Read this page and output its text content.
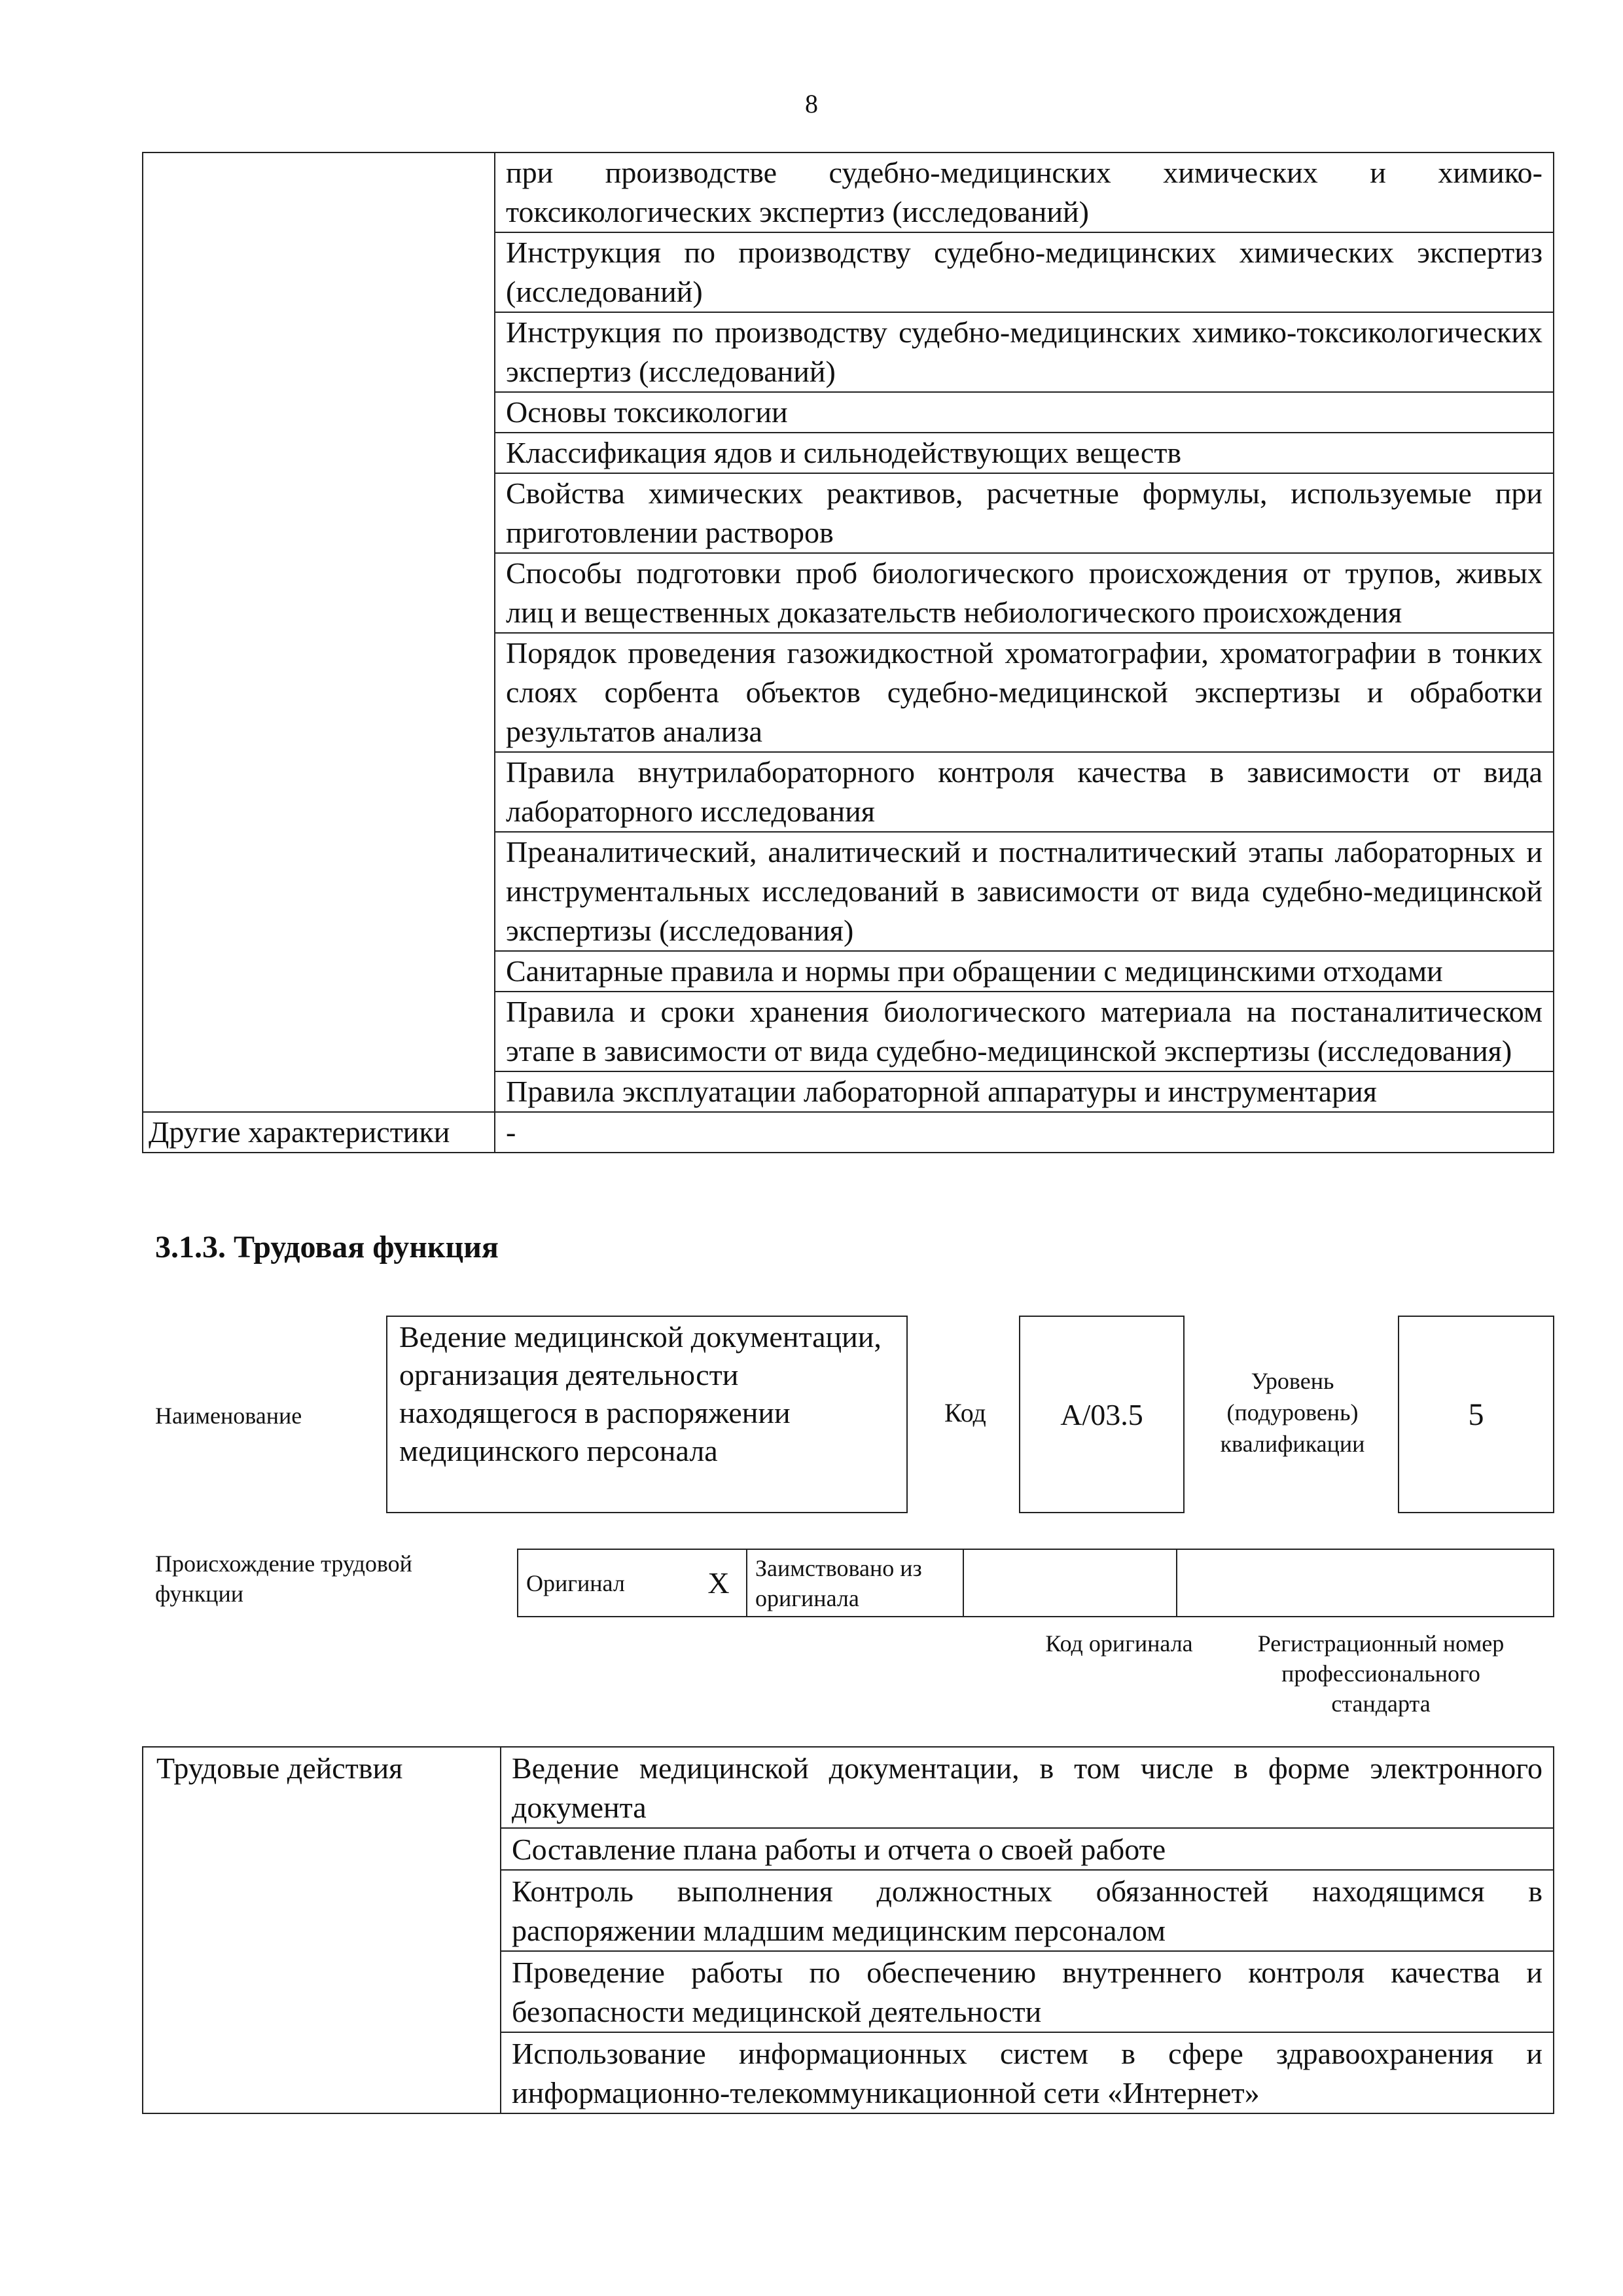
8
	при производстве судебно-медицинских химических и химико-токсикологических экспертиз (исследований)
	Инструкция по производству судебно-медицинских химических экспертиз (исследований)
	Инструкция по производству судебно-медицинских химико-токсикологических экспертиз (исследований)
	Основы токсикологии
	Классификация ядов и сильнодействующих веществ
	Свойства химических реактивов, расчетные формулы, используемые при приготовлении растворов
	Способы подготовки проб биологического происхождения от трупов, живых лиц и вещественных доказательств небиологического происхождения
	Порядок проведения газожидкостной хроматографии, хроматографии в тонких слоях сорбента объектов судебно-медицинской экспертизы и обработки результатов анализа
	Правила внутрилабораторного контроля качества в зависимости от вида лабораторного исследования
	Преаналитический, аналитический и постналитический этапы лабораторных и инструментальных исследований в зависимости от вида судебно-медицинской экспертизы (исследования)
	Санитарные правила и нормы при обращении с медицинскими отходами
	Правила и сроки хранения биологического материала на постаналитическом этапе в зависимости от вида судебно-медицинской экспертизы (исследования)
	Правила эксплуатации лабораторной аппаратуры и инструментария
Другие характеристики	-
3.1.3. Трудовая функция
Наименование
Ведение медицинской документации, организация деятельности находящегося в распоряжении медицинского персонала
Код	А/03.5
Уровень (подуровень) квалификации
5
Происхождение трудовой функции	Оригинал	X	Заимствовано из оригинала		
Код оригинала	Регистрационный номер профессионального стандарта
Трудовые действия	Ведение медицинской документации, в том числе в форме электронного документа
Составление плана работы и отчета о своей работе
Контроль выполнения должностных обязанностей находящимся в распоряжении младшим медицинским персоналом
Проведение работы по обеспечению внутреннего контроля качества и безопасности медицинской деятельности
Использование информационных систем в сфере здравоохранения и информационно-телекоммуникационной сети «Интернет»
